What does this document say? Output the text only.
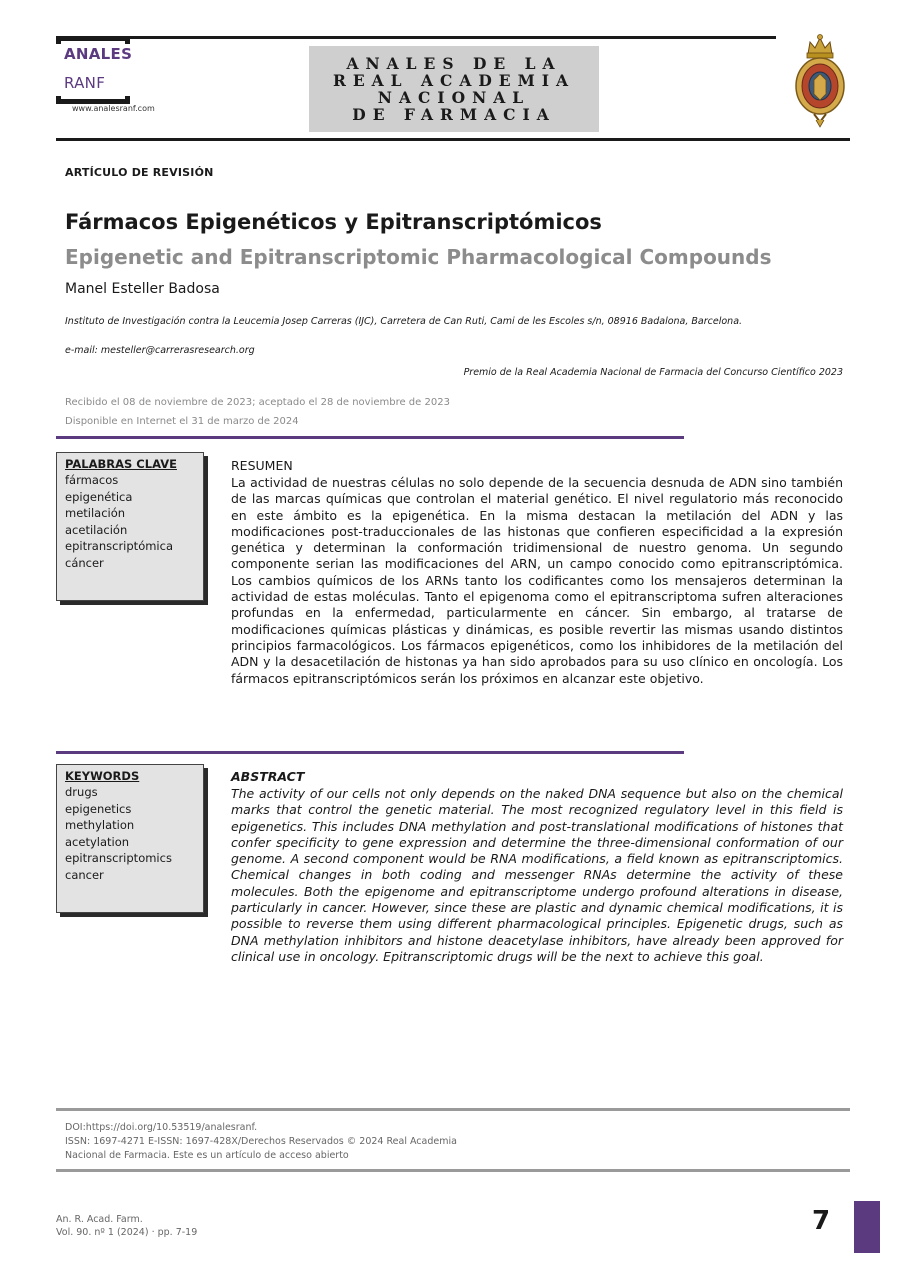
ANALES
RANF
www.analesranf.com
ANALES DE LA
REAL ACADEMIA
NACIONAL
DE FARMACIA
ARTÍCULO DE REVISIÓN
Fármacos Epigenéticos y Epitranscriptómicos
Epigenetic and Epitranscriptomic Pharmacological Compounds
Manel Esteller Badosa
Instituto de Investigación contra la Leucemia Josep Carreras (IJC), Carretera de Can Ruti, Cami de les Escoles s/n, 08916 Badalona, Barcelona.
e-mail: mesteller@carrerasresearch.org
Premio de la Real Academia Nacional de Farmacia del Concurso Científico 2023
Recibido el 08 de noviembre de 2023; aceptado el 28 de noviembre de 2023
Disponible en Internet el 31 de marzo de 2024
PALABRAS CLAVE
fármacos
epigenética
metilación
acetilación
epitranscriptómica
cáncer
RESUMEN

La actividad de nuestras células no solo depende de la secuencia desnuda de ADN sino también de las marcas químicas que controlan el material genético. El nivel regulatorio más reconocido en este ámbito es la epigenética. En la misma destacan la metilación del ADN y las modificaciones post-traduccionales de las histonas que confieren especificidad a la expresión genética y determinan la conformación tridimensional de nuestro genoma. Un segundo componente serian las modificaciones del ARN, un campo conocido como epitranscriptómica. Los cambios químicos de los ARNs tanto los codificantes como los mensajeros determinan la actividad de estas moléculas. Tanto el epigenoma como el epitranscriptoma sufren alteraciones profundas en la enfermedad, particularmente en cáncer. Sin embargo, al tratarse de modificaciones químicas plásticas y dinámicas, es posible revertir las mismas usando distintos principios farmacológicos. Los fármacos epigenéticos, como los inhibidores de la metilación del ADN y la desacetilación de histonas ya han sido aprobados para su uso clínico en oncología. Los fármacos epitranscriptómicos serán los próximos en alcanzar este objetivo.

KEYWORDS
drugs
epigenetics
methylation
acetylation
epitranscriptomics
cancer
ABSTRACT

The activity of our cells not only depends on the naked DNA sequence but also on the chemical marks that control the genetic material. The most recognized regulatory level in this field is epigenetics. This includes DNA methylation and post-translational modifications of histones that confer specificity to gene expression and determine the three-dimensional conformation of our genome. A second component would be RNA modifications, a field known as epitranscriptomics. Chemical changes in both coding and messenger RNAs determine the activity of these molecules. Both the epigenome and epitranscriptome undergo profound alterations in disease, particularly in cancer. However, since these are plastic and dynamic chemical modifications, it is possible to reverse them using different pharmacological principles. Epigenetic drugs, such as DNA methylation inhibitors and histone deacetylase inhibitors, have already been approved for clinical use in oncology. Epitranscriptomic drugs will be the next to achieve this goal.

DOI:https://doi.org/10.53519/analesranf.
ISSN: 1697-4271 E-ISSN: 1697-428X/Derechos Reservados © 2024 Real Academia
Nacional de Farmacia. Este es un artículo de acceso abierto
An. R. Acad. Farm.
Vol. 90. nº 1 (2024) · pp. 7-19	7
